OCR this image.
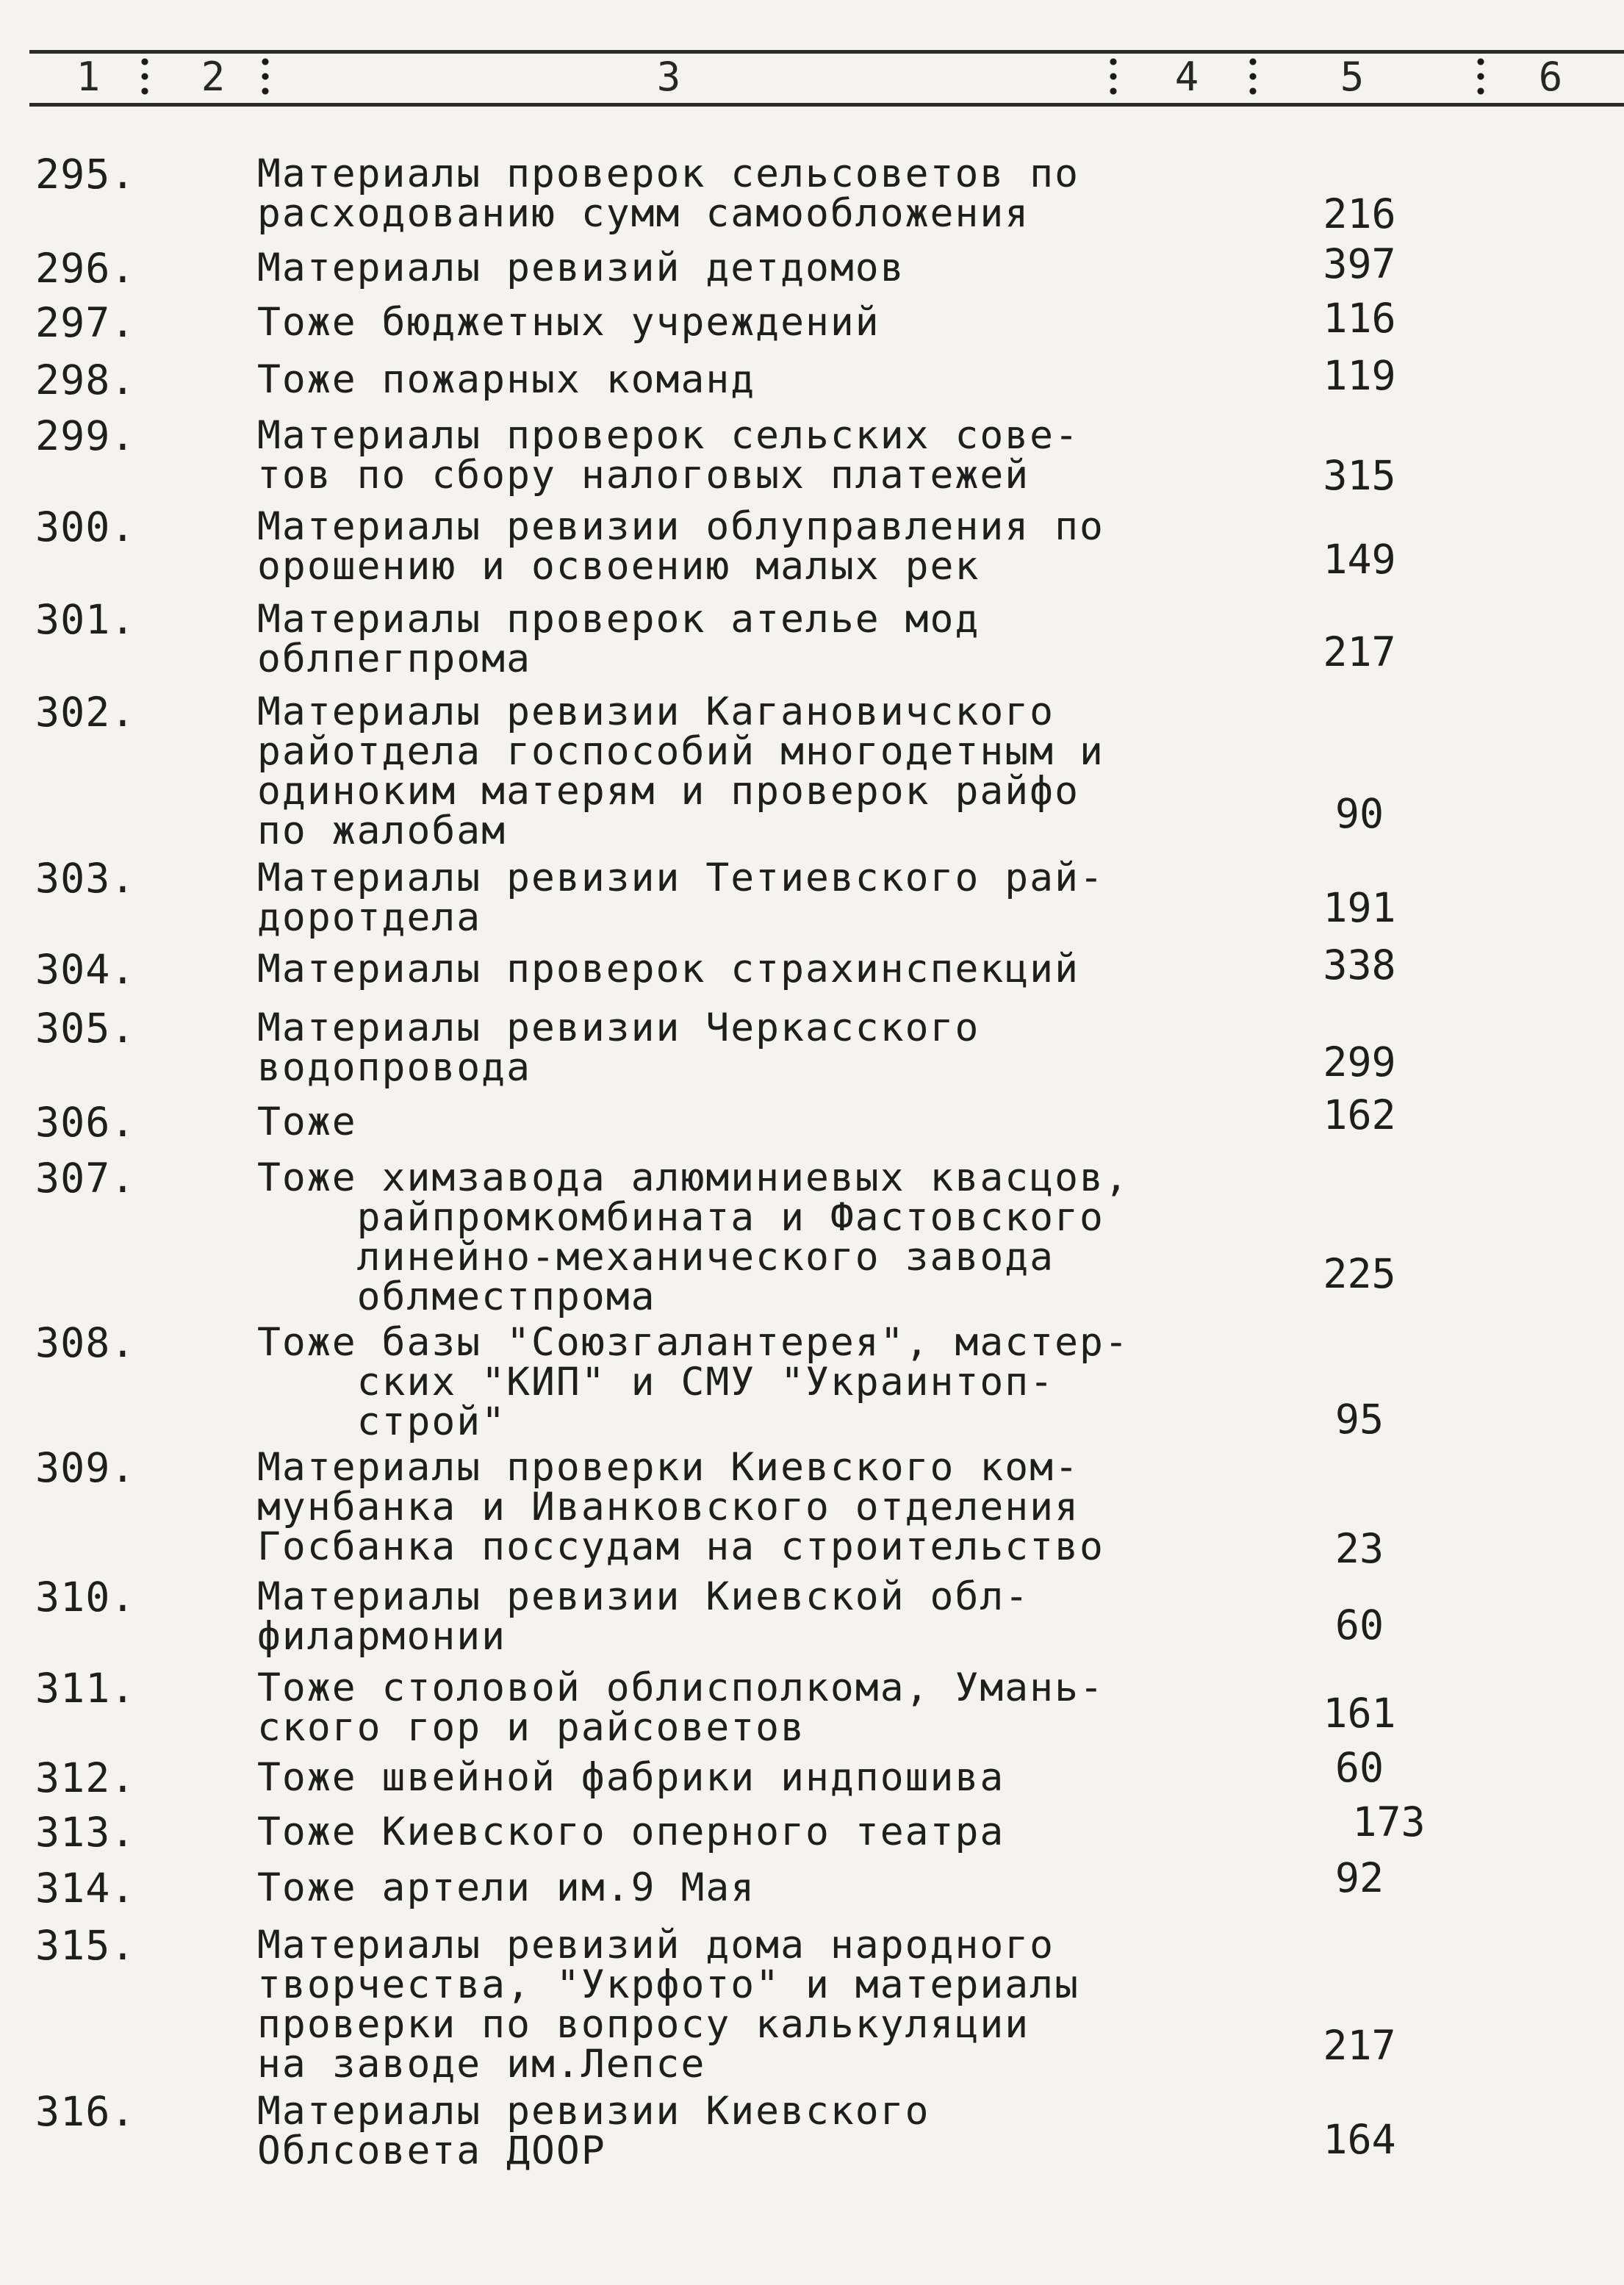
1	2	3	4	5	6
295.	Материалы проверок сельсоветов по
расходованию сумм самообложения	216
296.	Материалы ревизий детдомов	397
297.	Тоже бюджетных учреждений	116
298.	Тоже пожарных команд	119
299.	Материалы проверок сельских сове-
тов по сбору налоговых платежей	315
300.	Материалы ревизии облуправления по
орошению и освоению малых рек	149
301.	Материалы проверок ателье мод
облпегпрома	217
302.	Материалы ревизии Кагановичского
райотдела госпособий многодетным и
одиноким матерям и проверок райфо
по жалобам	90
303.	Материалы ревизии Тетиевского рай-
доротдела	191
304.	Материалы проверок страхинспекций	338
305.	Материалы ревизии Черкасского
водопровода	299
306.	Тоже	162
307.	Тоже химзавода алюминиевых квасцов,
райпромкомбината и Фастовского
линейно-механического завода
облместпрома	225
308.	Тоже базы "Союзгалантерея", мастер-
ских "КИП" и СМУ "Украинтоп-
строй"	95
309.	Материалы проверки Киевского ком-
мунбанка и Иванковского отделения
Госбанка поссудам на строительство	23
310.	Материалы ревизии Киевской обл-
филармонии	60
311.	Тоже столовой облисполкома, Умань-
ского гор и райсоветов	161
312.	Тоже швейной фабрики индпошива	60
313.	Тоже Киевского оперного театра	173
314.	Тоже артели им.9 Мая	92
315.	Материалы ревизий дома народного
творчества, "Укрфото" и материалы
проверки по вопросу калькуляции
на заводе им.Лепсе	217
316.	Материалы ревизии Киевского
Облсовета ДООР	164
